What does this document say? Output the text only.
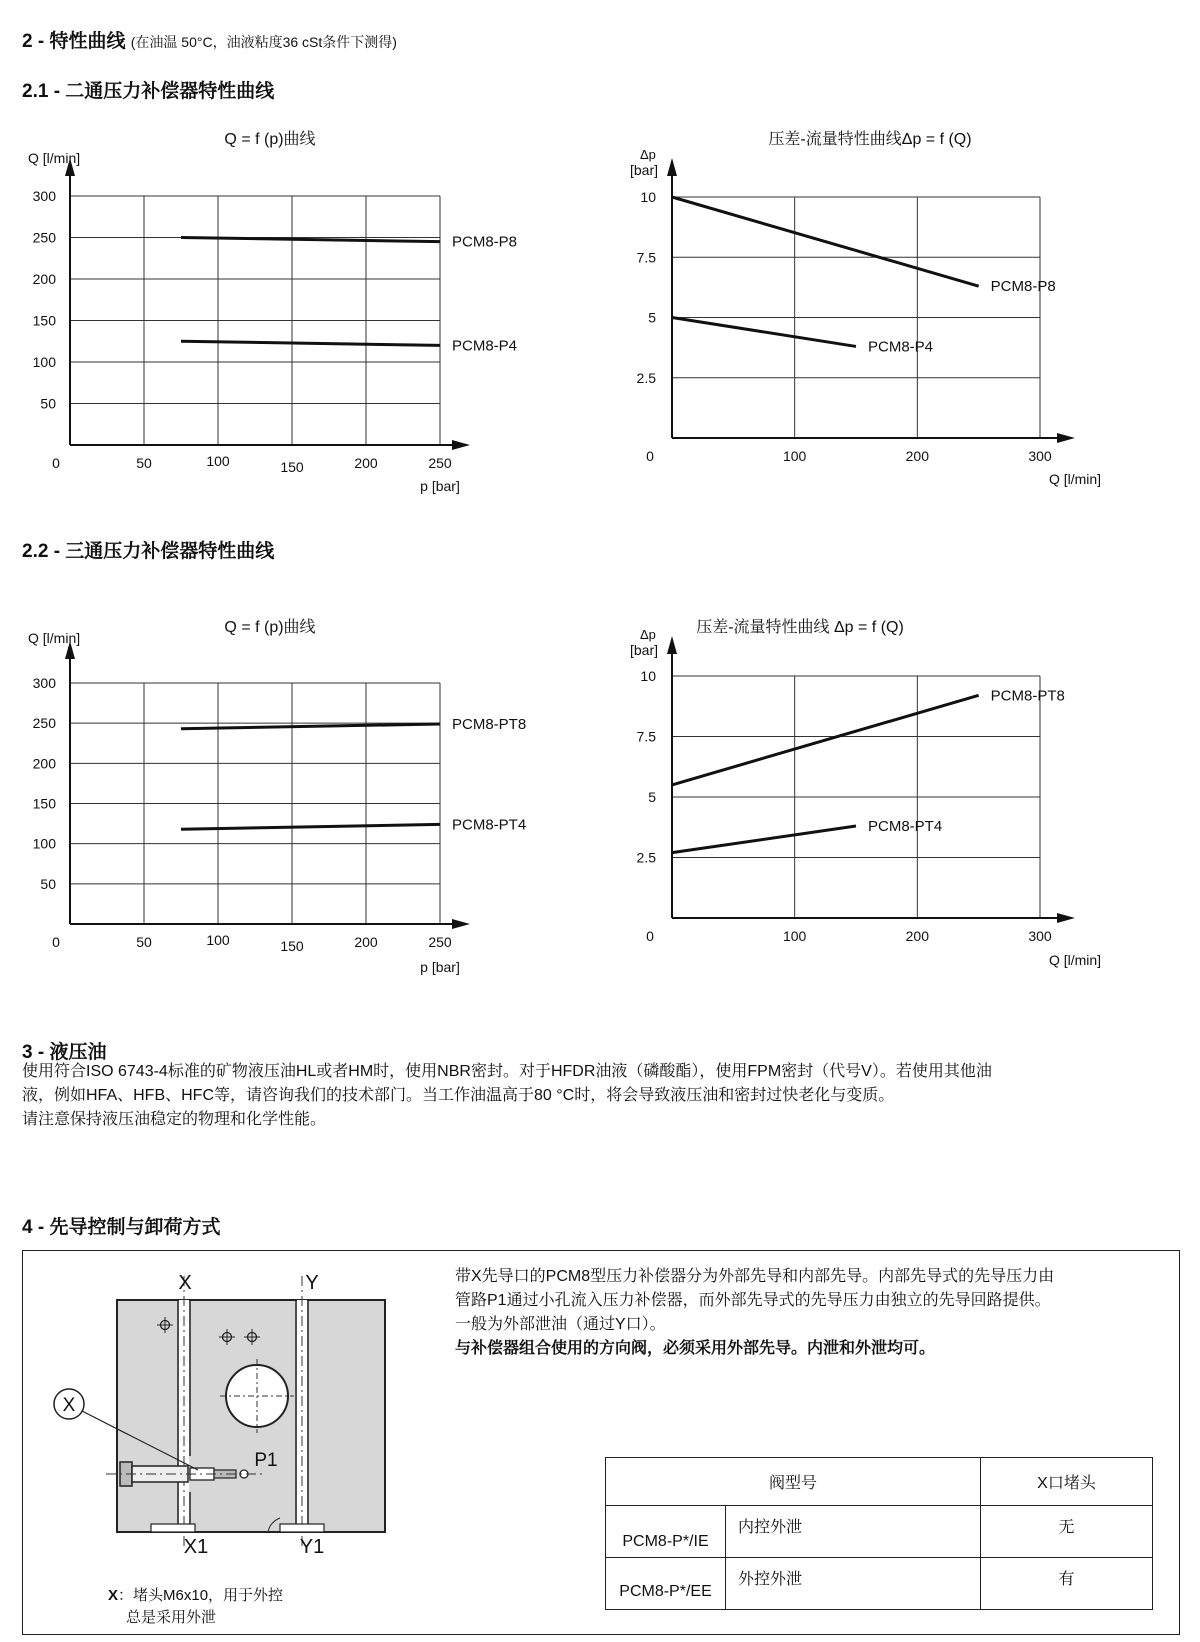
2 - 特性曲线 (在油温 50°C，油液粘度36 cSt条件下测得)
2.1 - 二通压力补偿器特性曲线
2.2 - 三通压力补偿器特性曲线
0	50	100	150	200	250
50
100
150
200
250
300
Q = f (p)曲线
p [bar]
Q [l/min]
PCM8-P8
PCM8-P4
0	100	200	300
2.5
5
7.5
10
压差-流量特性曲线Δp = f (Q)
Q [l/min]
Δp
[bar]
PCM8-P8
PCM8-P4
0	50	100	150	200	250
50
100
150
200
250
300
Q = f (p)曲线
p [bar]
Q [l/min]
PCM8-PT8
PCM8-PT4
0	100	200	300
2.5
5
7.5
10
压差-流量特性曲线 Δp = f (Q)
Q [l/min]
Δp
[bar]
PCM8-PT8
PCM8-PT4
3 - 液压油

使用符合ISO 6743-4标准的矿物液压油HL或者HM时，使用NBR密封。对于HFDR油液（磷酸酯），使用FPM密封（代号V）。若使用其他油

液，例如HFA、HFB、HFC等，请咨询我们的技术部门。当工作油温高于80 °C时，将会导致液压油和密封过快老化与变质。

请注意保持液压油稳定的物理和化学性能。

4 - 先导控制与卸荷方式
X
X	Y
X1	Y1
P1
X：堵头M6x10，用于外控
总是采用外泄

带X先导口的PCM8型压力补偿器分为外部先导和内部先导。内部先导式的先导压力由

管路P1通过小孔流入压力补偿器，而外部先导式的先导压力由独立的先导回路提供。

一般为外部泄油（通过Y口）。

与补偿器组合使用的方向阀，必须采用外部先导。内泄和外泄均可。

阀型号		X口堵头
PCM8-P*/IE	内控外泄	无
PCM8-P*/EE	外控外泄	有
